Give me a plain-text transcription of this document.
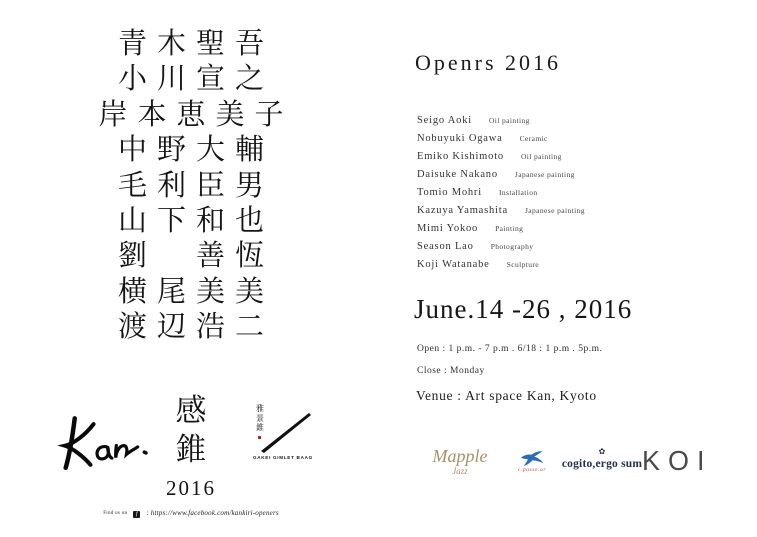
青木聖吾
小川宣之
岸本恵美子
中野大輔
毛利臣男
山下和也
劉　善恆
横尾美美
渡辺浩二
感
錐
2016
雅
景
錐
GAKEI GIMLET BAAG
Find us on f : https://www.facebook.com/kankiri-openers
Openrs 2016
Seigo Aoki Oil painting
Nobuyuki Ogawa Ceramic
Emiko Kishimoto Oil painting
Daisuke Nakano Japanese painting
Tomio Mohri Installation
Kazuya Yamashita Japanese painting
Mimi Yokoo Painting
Season Lao Photography
Koji Watanabe Sculpture
June.14 -26 , 2016
Open : 1 p.m. - 7 p.m . 6/18 : 1 p.m . 5p.m.
Close : Monday
Venue : Art space Kan, Kyoto
Mapple
Jazz
· · · ·
· · ·
c.passe.ar
✿
cogito,ergo sum
· · · KOI
